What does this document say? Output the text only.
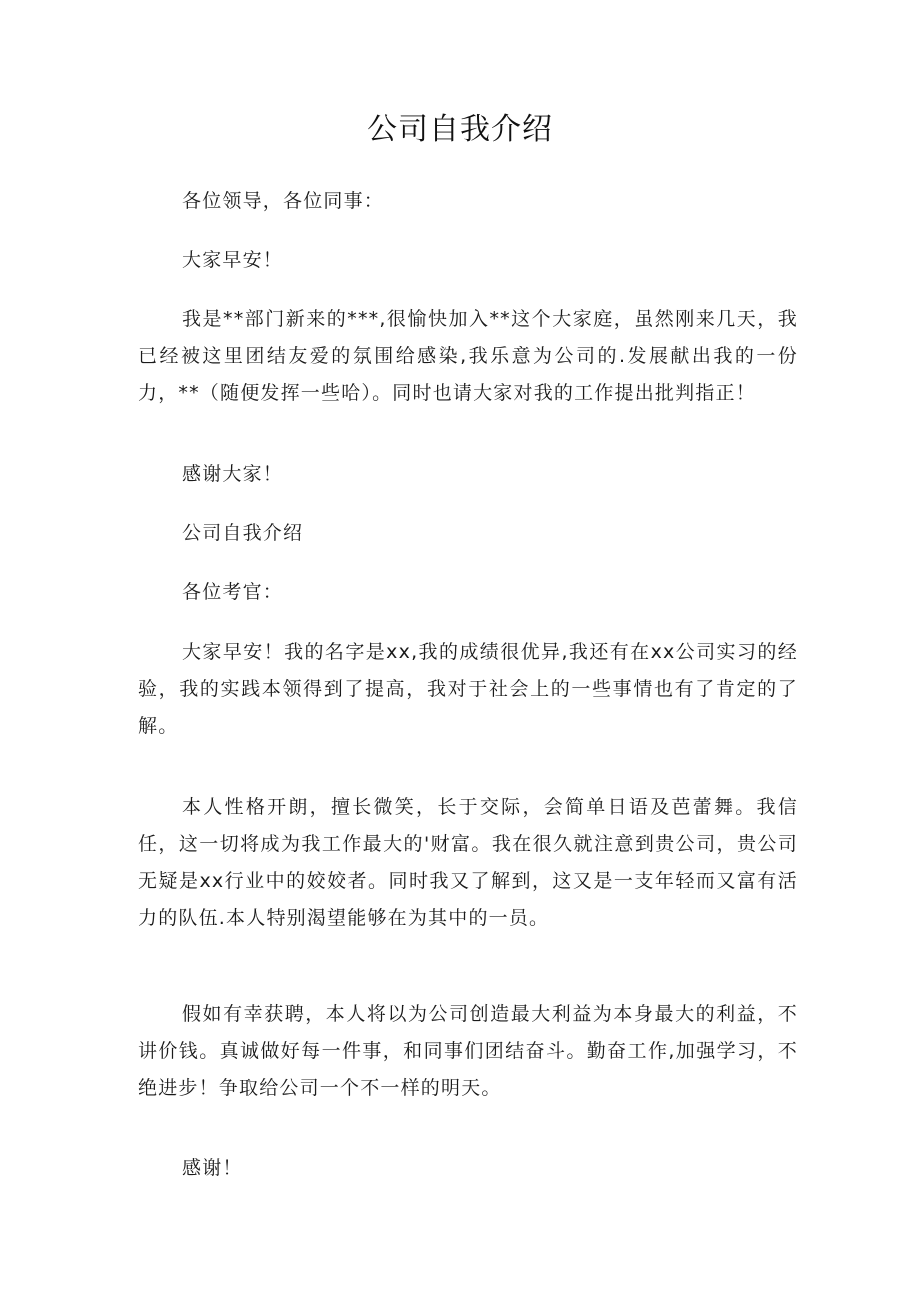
公司自我介绍

各位领导，各位同事：

大家早安！

我是**部门新来的***,很愉快加入**这个大家庭，虽然刚来几天，我已经被这里团结友爱的氛围给感染,我乐意为公司的.发展献出我的一份力，**（随便发挥一些哈）。同时也请大家对我的工作提出批判指正！

感谢大家！

公司自我介绍

各位考官：

大家早安！我的名字是xx,我的成绩很优异,我还有在xx公司实习的经验，我的实践本领得到了提高，我对于社会上的一些事情也有了肯定的了解。

本人性格开朗，擅长微笑，长于交际，会简单日语及芭蕾舞。我信任，这一切将成为我工作最大的'财富。我在很久就注意到贵公司，贵公司无疑是xx行业中的姣姣者。同时我又了解到，这又是一支年轻而又富有活力的队伍.本人特别渴望能够在为其中的一员。

假如有幸获聘，本人将以为公司创造最大利益为本身最大的利益，不讲价钱。真诚做好每一件事，和同事们团结奋斗。勤奋工作,加强学习，不绝进步！争取给公司一个不一样的明天。

感谢！
